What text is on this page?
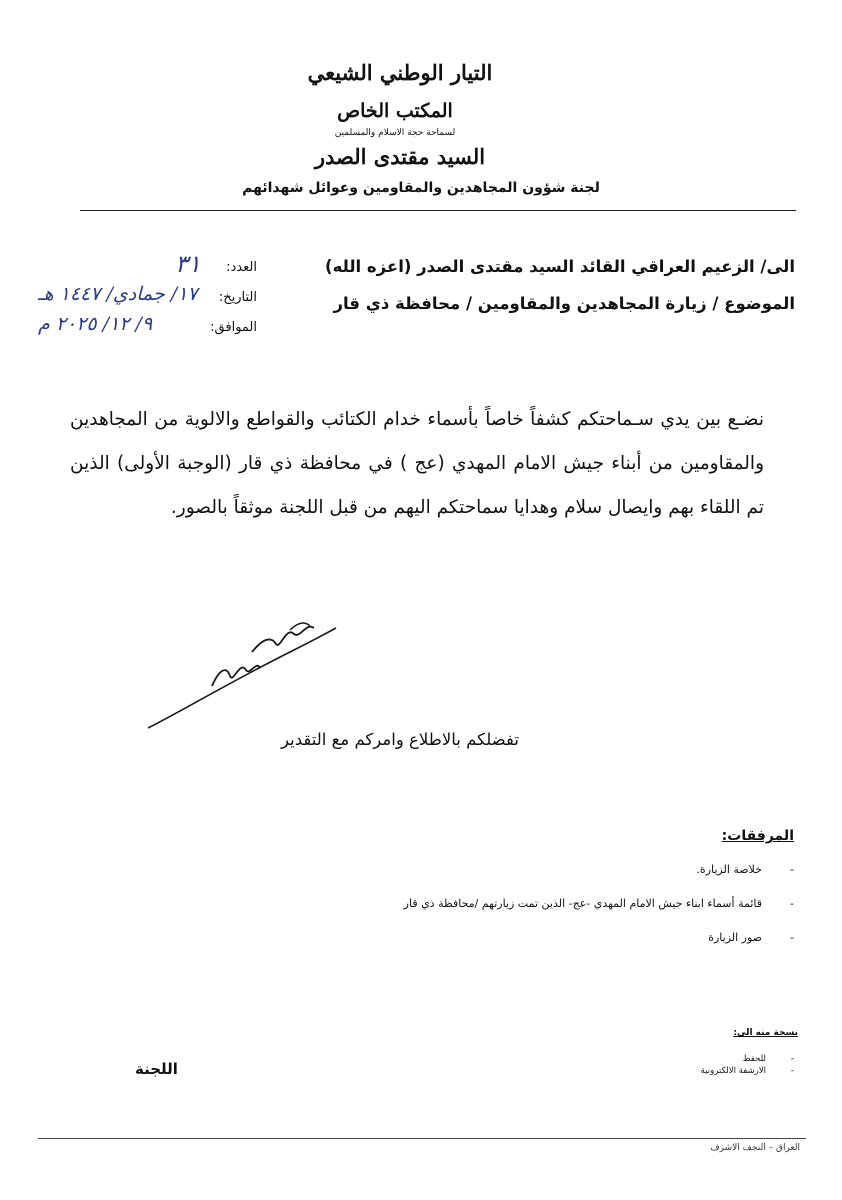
التيار الوطني الشيعي
المكتب الخاص
لسماحة حجة الاسلام والمسلمين
السيد مقتدى الصدر
لجنة شؤون المجاهدين والمقاومين وعوائل شهدائهم
الى/ الزعيم العراقي القائد السيد مقتدى الصدر (اعزه الله)
الموضوع / زيارة المجاهدين والمقاومين / محافظة ذي قار
العدد:
٣١
التاريخ:
١٧/ جمادي/ ١٤٤٧ هـ
الموافق:
٩/ ١٢/ ٢٠٢٥ م

نضـع بين يدي سـماحتكم كشفاً خاصاً بأسماء خدام الكتائب والقواطع والالوية من المجاهدين والمقاومين من أبناء جيش الامام المهدي (عج ) في محافظة ذي قار (الوجبة الأولى) الذين تم اللقاء بهم وايصال سلام وهدايا سماحتكم اليهم من قبل اللجنة موثقاً بالصور.

تفضلكم بالاطلاع وامركم مع التقدير
المرفقات:
- خلاصة الزيارة.
- قائمة أسماء ابناء جيش الامام المهدي -عج- الذين تمت زيارتهم /محافظة ذي قار
- صور الزيارة
نسخة منه الى:
- للحفظ
- الارشفة الالكترونية
اللجنة
العراق – النجف الاشرف
